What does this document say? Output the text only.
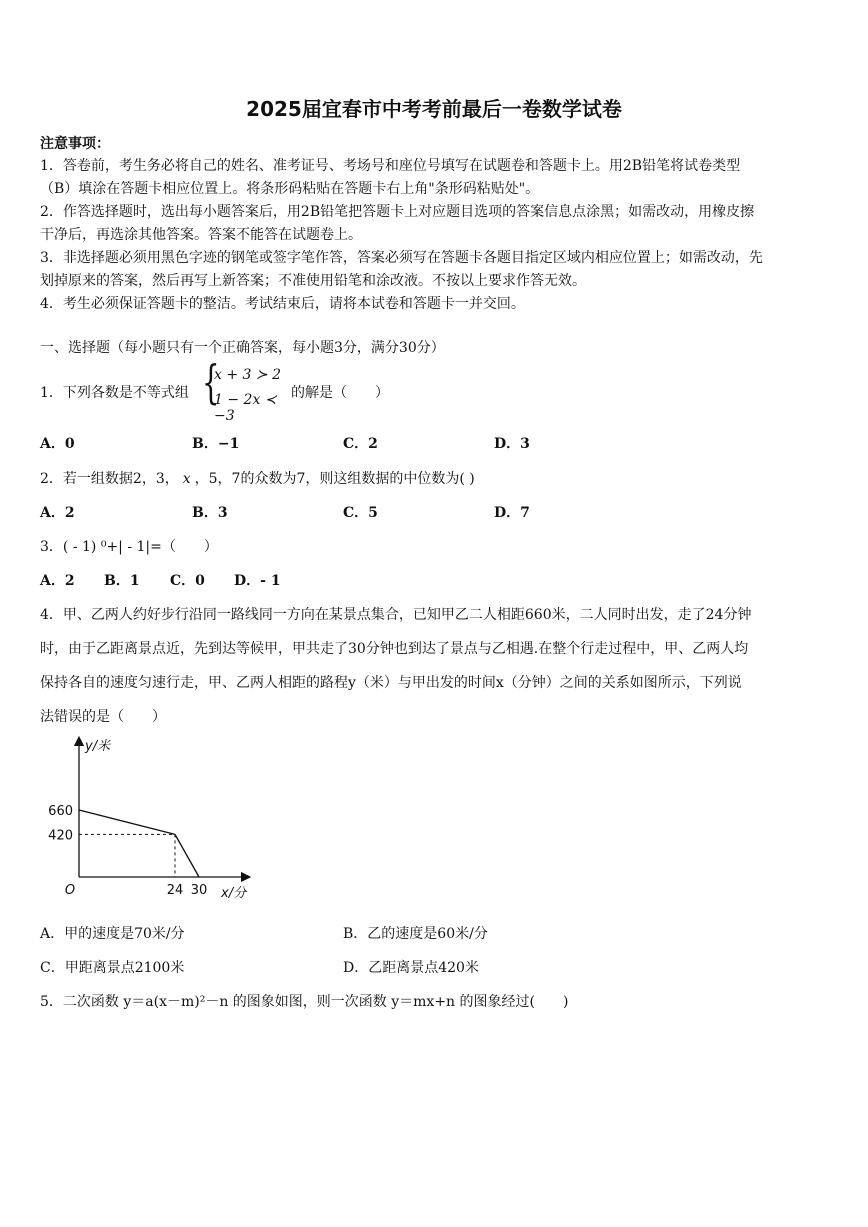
2025届宜春市中考考前最后一卷数学试卷
注意事项：
1．答卷前，考生务必将自己的姓名、准考证号、考场号和座位号填写在试题卷和答题卡上。用2B铅笔将试卷类型
（B）填涂在答题卡相应位置上。将条形码粘贴在答题卡右上角"条形码粘贴处"。
2．作答选择题时，选出每小题答案后，用2B铅笔把答题卡上对应题目选项的答案信息点涂黑；如需改动，用橡皮擦
干净后，再选涂其他答案。答案不能答在试题卷上。
3．非选择题必须用黑色字迹的钢笔或签字笔作答，答案必须写在答题卡各题目指定区域内相应位置上；如需改动，先
划掉原来的答案，然后再写上新答案；不准使用铅笔和涂改液。不按以上要求作答无效。
4．考生必须保证答题卡的整洁。考试结束后，请将本试卷和答题卡一并交回。
一、选择题（每小题只有一个正确答案，每小题3分，满分30分）
1．下列各数是不等式组 {
x + 3 ≻ 2
1 − 2x ≺ −3
的解是（　　）
A．0	B．−1	C．2	D．3
2．若一组数据2，3， x ，5，7的众数为7，则这组数据的中位数为( )
A．2	B．3	C．5	D．7
3．( - 1) ⁰+| - 1|=（　　）
A．2 B．1 C．0 D．- 1
4．甲、乙两人约好步行沿同一路线同一方向在某景点集合，已知甲乙二人相距660米，二人同时出发，走了24分钟
时，由于乙距离景点近，先到达等候甲，甲共走了30分钟也到达了景点与乙相遇.在整个行走过程中，甲、乙两人均
保持各自的速度匀速行走，甲、乙两人相距的路程y（米）与甲出发的时间x（分钟）之间的关系如图所示，下列说
法错误的是（　　）
660
420
24 30
O
y/米
x/分
A．甲的速度是70米/分	B．乙的速度是60米/分
C．甲距离景点2100米	D．乙距离景点420米
5．二次函数 y＝a(x－m)²－n 的图象如图，则一次函数 y＝mx+n 的图象经过(　　)
